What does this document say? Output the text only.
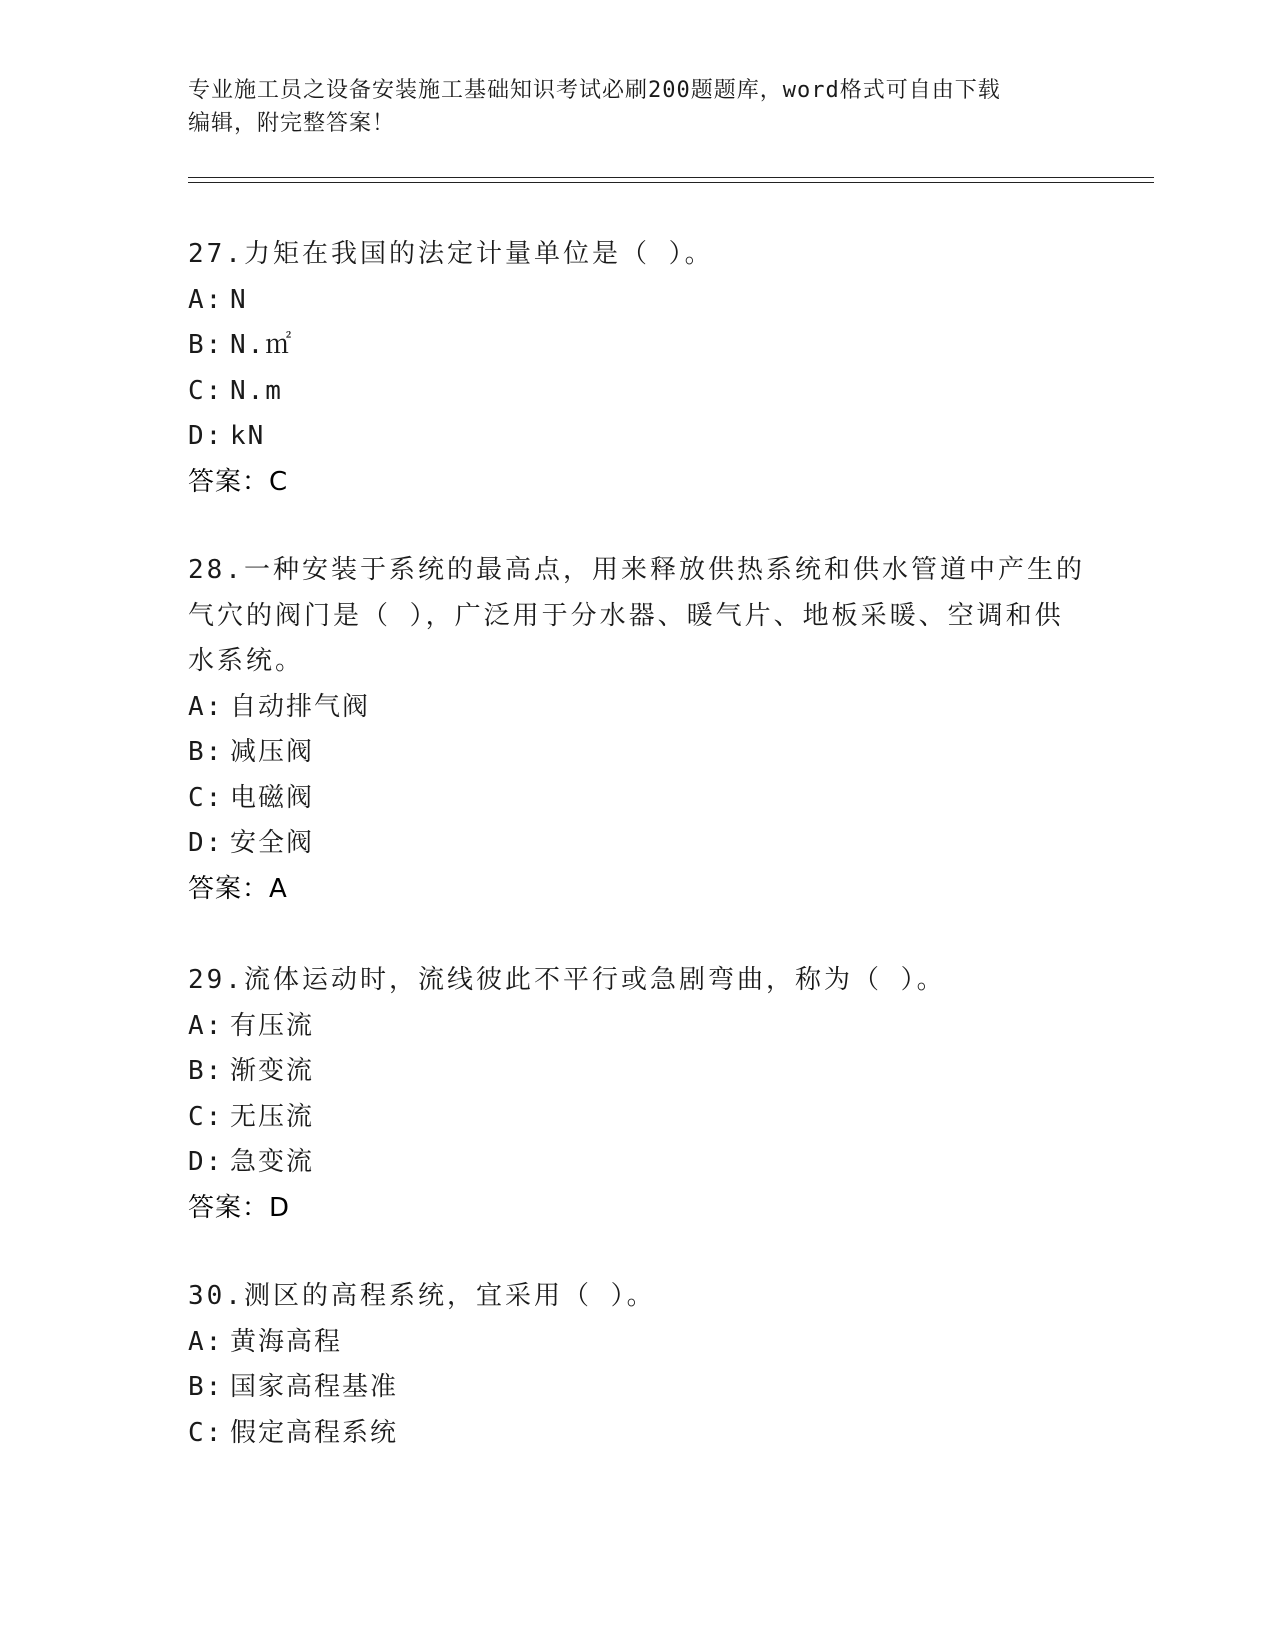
专业施工员之设备安装施工基础知识考试必刷200题题库，word格式可自由下载
编辑，附完整答案！
27.力矩在我国的法定计量单位是（ ）。
A: N
B: N.㎡
C: N.m
D: kN
答案：C
28.一种安装于系统的最高点，用来释放供热系统和供水管道中产生的
气穴的阀门是（ ），广泛用于分水器、暖气片、地板采暖、空调和供
水系统。
A: 自动排气阀
B: 减压阀
C: 电磁阀
D: 安全阀
答案：A
29.流体运动时，流线彼此不平行或急剧弯曲，称为（ ）。
A: 有压流
B: 渐变流
C: 无压流
D: 急变流
答案：D
30.测区的高程系统，宜采用（ ）。
A: 黄海高程
B: 国家高程基准
C: 假定高程系统
